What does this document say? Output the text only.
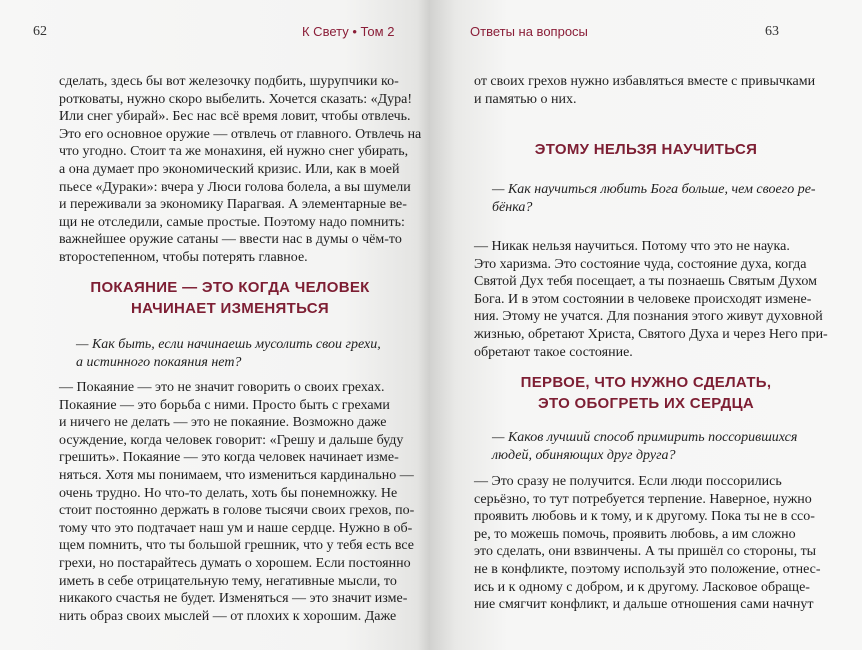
62	К Свету • Том 2
сделать, здесь бы вот железочку подбить, шурупчики ко-
ротковаты, нужно скоро выбелить. Хочется сказать: «Дура!
Или снег убирай». Бес нас всё время ловит, чтобы отвлечь.
Это его основное оружие — отвлечь от главного. Отвлечь на
что угодно. Стоит та же монахиня, ей нужно снег убирать,
а она думает про экономический кризис. Или, как в моей
пьесе «Дураки»: вчера у Люси голова болела, а вы шумели
и переживали за экономику Парагвая. А элементарные ве-
щи не отследили, самые простые. Поэтому надо помнить:
важнейшее оружие сатаны — ввести нас в думы о чём-то
второстепенном, чтобы потерять главное.
ПОКАЯНИЕ — ЭТО КОГДА ЧЕЛОВЕК
НАЧИНАЕТ ИЗМЕНЯТЬСЯ
— Как быть, если начинаешь мусолить свои грехи,
а истинного покаяния нет?
— Покаяние — это не значит говорить о своих грехах.
Покаяние — это борьба с ними. Просто быть с грехами
и ничего не делать — это не покаяние. Возможно даже
осуждение, когда человек говорит: «Грешу и дальше буду
грешить». Покаяние — это когда человек начинает изме-
няться. Хотя мы понимаем, что измениться кардинально —
очень трудно. Но что-то делать, хоть бы понемножку. Не
стоит постоянно держать в голове тысячи своих грехов, по-
тому что это подтачает наш ум и наше сердце. Нужно в об-
щем помнить, что ты большой грешник, что у тебя есть все
грехи, но постарайтесь думать о хорошем. Если постоянно
иметь в себе отрицательную тему, негативные мысли, то
никакого счастья не будет. Изменяться — это значит изме-
нить образ своих мыслей — от плохих к хорошим. Даже
Ответы на вопросы	63
от своих грехов нужно избавляться вместе с привычками
и памятью о них.
ЭТОМУ НЕЛЬЗЯ НАУЧИТЬСЯ
— Как научиться любить Бога больше, чем своего ре-
бёнка?
— Никак нельзя научиться. Потому что это не наука.
Это харизма. Это состояние чуда, состояние духа, когда
Святой Дух тебя посещает, а ты познаешь Святым Духом
Бога. И в этом состоянии в человеке происходят измене-
ния. Этому не учатся. Для познания этого живут духовной
жизнью, обретают Христа, Святого Духа и через Него при-
обретают такое состояние.
ПЕРВОЕ, ЧТО НУЖНО СДЕЛАТЬ,
ЭТО ОБОГРЕТЬ ИХ СЕРДЦА
— Каков лучший способ примирить поссорившихся
людей, обиняющих друг друга?
— Это сразу не получится. Если люди поссорились
серьёзно, то тут потребуется терпение. Наверное, нужно
проявить любовь и к тому, и к другому. Пока ты не в ссо-
ре, то можешь помочь, проявить любовь, а им сложно
это сделать, они взвинчены. А ты пришёл со стороны, ты
не в конфликте, поэтому используй это положение, отнес-
ись и к одному с добром, и к другому. Ласковое обраще-
ние смягчит конфликт, и дальше отношения сами начнут
